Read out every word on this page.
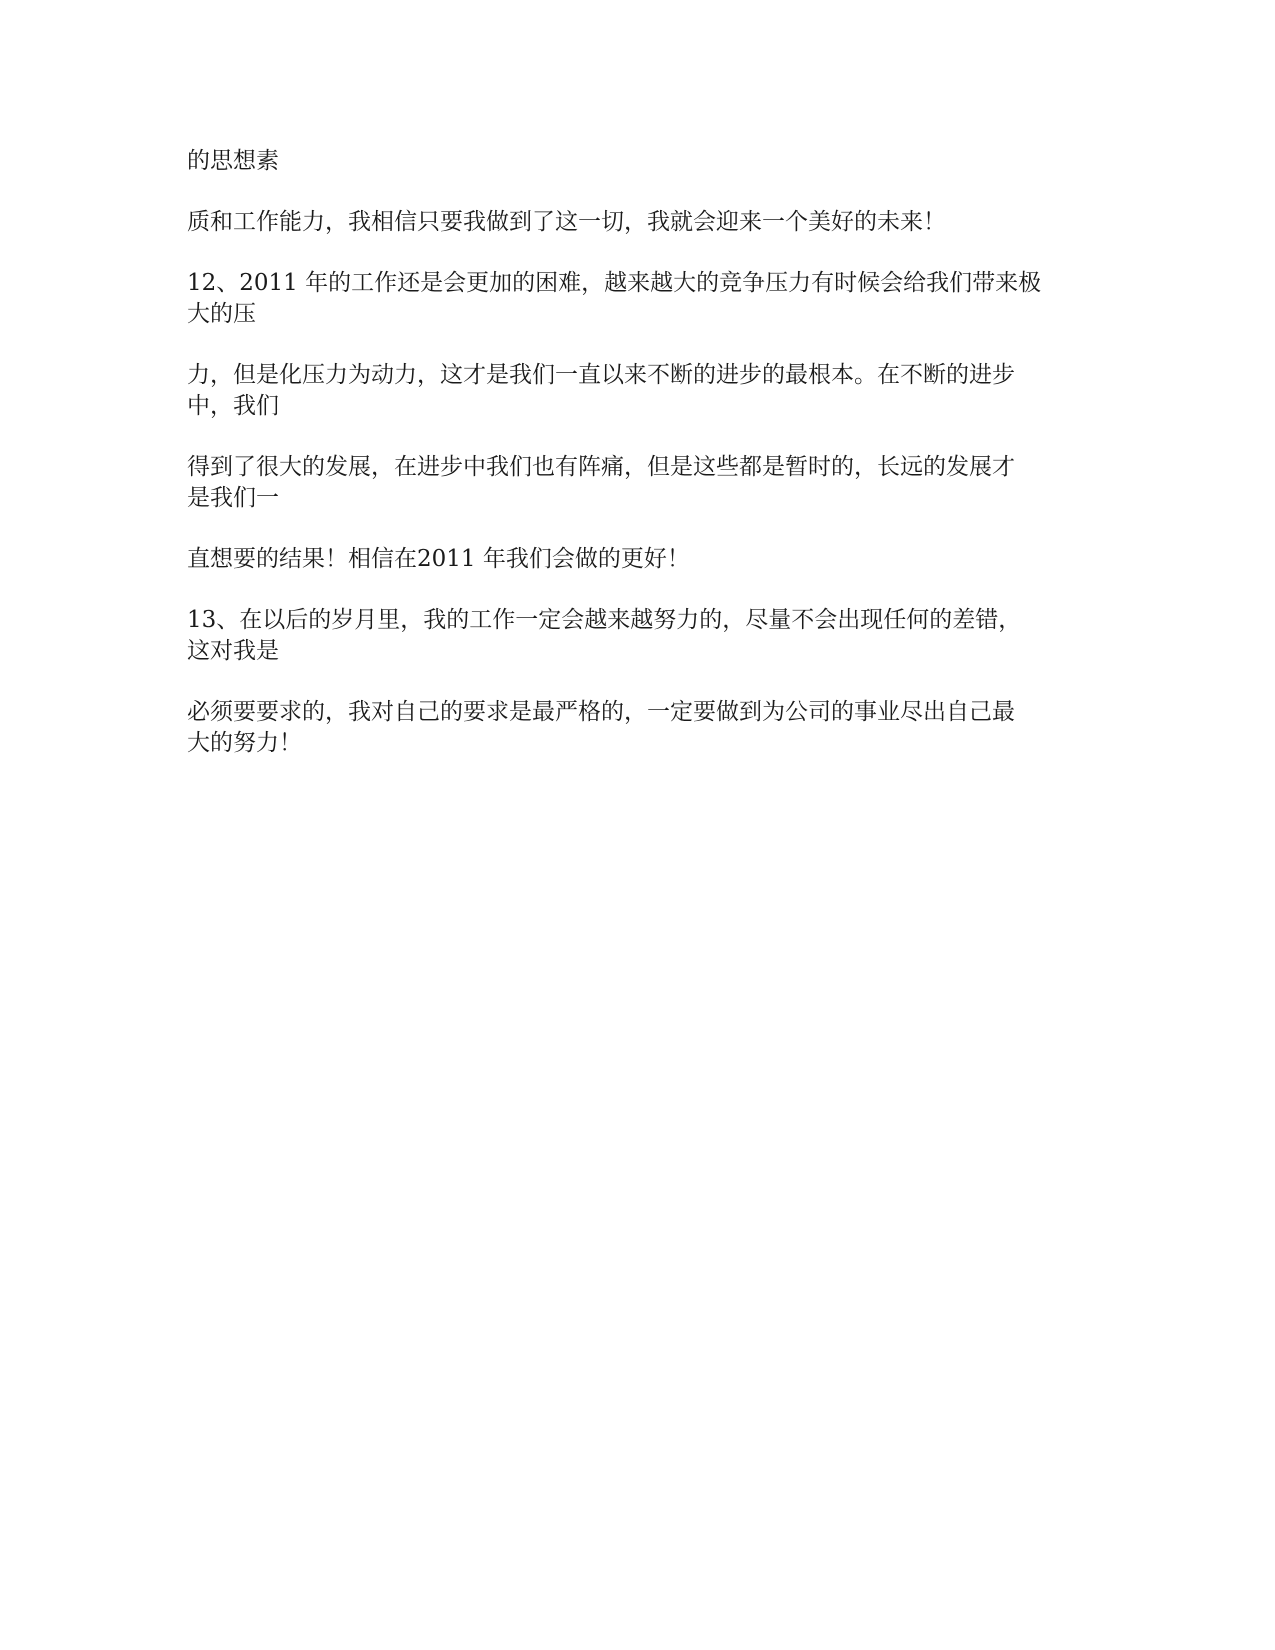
的思想素

质和工作能力，我相信只要我做到了这一切，我就会迎来一个美好的未来！

12、2011 年的工作还是会更加的困难，越来越大的竞争压力有时候会给我们带来极
大的压

力，但是化压力为动力，这才是我们一直以来不断的进步的最根本。在不断的进步
中，我们

得到了很大的发展，在进步中我们也有阵痛，但是这些都是暂时的，长远的发展才
是我们一

直想要的结果！相信在2011 年我们会做的更好！

13、在以后的岁月里，我的工作一定会越来越努力的，尽量不会出现任何的差错，
这对我是

必须要要求的，我对自己的要求是最严格的，一定要做到为公司的事业尽出自己最
大的努力！
